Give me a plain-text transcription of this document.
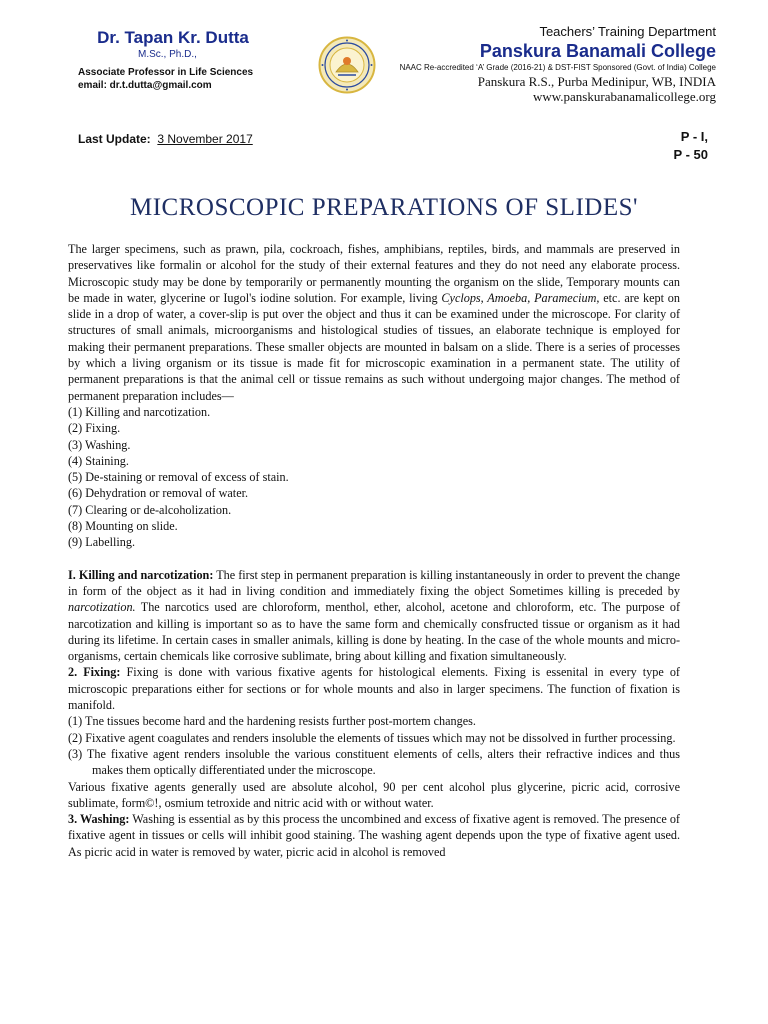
Dr. Tapan Kr. Dutta
M.Sc., Ph.D.,
Associate Professor in Life Sciences
email: dr.t.dutta@gmail.com
Teachers’ Training Department
Panskura Banamali College
NAAC Re-accredited ‘A’ Grade (2016-21) & DST-FIST Sponsored (Govt. of India) College
Panskura R.S., Purba Medinipur, WB, INDIA
www.panskurabanamalicollege.org
Last Update: 3 November 2017	P - I,
P - 50
MICROSCOPIC PREPARATIONS OF SLIDES'

The larger specimens, such as prawn, pila, cockroach, fishes, amphibians, reptiles, birds, and mammals are preserved in preservatives like formalin or alcohol for the study of their external features and they do not need any elaborate process. Microscopic study may be done by temporarily or permanently mounting the organism on the slide, Temporary mounts can be made in water, glycerine or Iugol's iodine solution. For example, living Cyclops, Amoeba, Paramecium, etc. are kept on slide in a drop of water, a cover-slip is put over the object and thus it can be examined under the microscope. For clarity of structures of small animals, microorganisms and histological studies of tissues, an elaborate technique is employed for making their permanent preparations. These smaller objects are mounted in balsam on a slide. There is a series of processes by which a living organism or its tissue is made fit for microscopic examination in a permanent state. The utility of permanent preparations is that the animal cell or tissue remains as such without undergoing major changes. The method of permanent preparation includes—

(1) Killing and narcotization.
(2) Fixing.
(3) Washing.
(4) Staining.
(5) De-staining or removal of excess of stain.
(6) Dehydration or removal of water.
(7) Clearing or de-alcoholization.
(8) Mounting on slide.
(9) Labelling.

I. Killing and narcotization: The first step in permanent preparation is killing instantaneously in order to prevent the change in form of the object as it had in living condition and immediately fixing the object Sometimes killing is preceded by narcotization. The narcotics used are chloroform, menthol, ether, alcohol, acetone and chloroform, etc. The purpose of narcotization and killing is important so as to have the same form and chemically consfructed tissue or organism as it had during its lifetime. In certain cases in smaller animals, killing is done by heating. In the case of the whole mounts and micro-organisms, certain chemicals like corrosive sublimate, bring about killing and fixation simultaneously.

2. Fixing: Fixing is done with various fixative agents for histological elements. Fixing is essenital in every type of microscopic preparations either for sections or for whole mounts and also in larger specimens. The function of fixation is manifold.

(1) Tne tissues become hard and the hardening resists further post-mortem changes.
(2) Fixative agent coagulates and renders insoluble the elements of tissues which may not be dissolved in further processing.
(3) The fixative agent renders insoluble the various constituent elements of cells, alters their refractive indices and thus makes them optically differentiated under the microscope.

Various fixative agents generally used are absolute alcohol, 90 per cent alcohol plus glycerine, picric acid, corrosive sublimate, form©!, osmium tetroxide and nitric acid with or without water.

3. Washing: Washing is essential as by this process the uncombined and excess of fixative agent is removed. The presence of fixative agent in tissues or cells will inhibit good staining. The washing agent depends upon the type of fixative agent used. As picric acid in water is removed by water, picric acid in alcohol is removed
